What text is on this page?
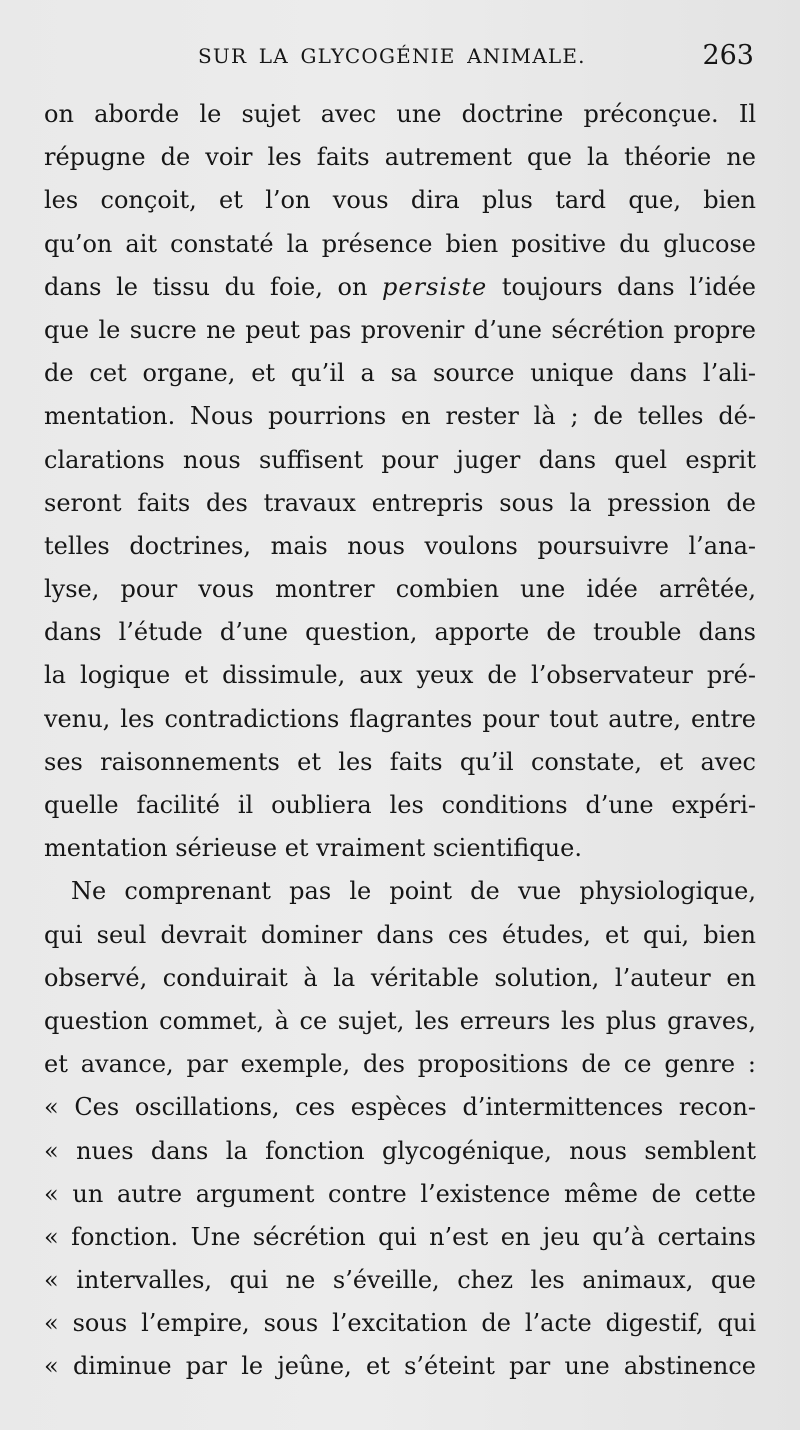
SUR LA GLYCOGÉNIE ANIMALE.	263
on aborde le sujet avec une doctrine préconçue. Il
répugne de voir les faits autrement que la théorie ne
les conçoit, et l’on vous dira plus tard que, bien
qu’on ait constaté la présence bien positive du glucose
dans le tissu du foie, on persiste toujours dans l’idée
que le sucre ne peut pas provenir d’une sécrétion propre
de cet organe, et qu’il a sa source unique dans l’ali-
mentation. Nous pourrions en rester là ; de telles dé-
clarations nous suffisent pour juger dans quel esprit
seront faits des travaux entrepris sous la pression de
telles doctrines, mais nous voulons poursuivre l’ana-
lyse, pour vous montrer combien une idée arrêtée,
dans l’étude d’une question, apporte de trouble dans
la logique et dissimule, aux yeux de l’observateur pré-
venu, les contradictions flagrantes pour tout autre, entre
ses raisonnements et les faits qu’il constate, et avec
quelle facilité il oubliera les conditions d’une expéri-
mentation sérieuse et vraiment scientifique.
Ne comprenant pas le point de vue physiologique,
qui seul devrait dominer dans ces études, et qui, bien
observé, conduirait à la véritable solution, l’auteur en
question commet, à ce sujet, les erreurs les plus graves,
et avance, par exemple, des propositions de ce genre :
« Ces oscillations, ces espèces d’intermittences recon-
« nues dans la fonction glycogénique, nous semblent
« un autre argument contre l’existence même de cette
« fonction. Une sécrétion qui n’est en jeu qu’à certains
« intervalles, qui ne s’éveille, chez les animaux, que
« sous l’empire, sous l’excitation de l’acte digestif, qui
« diminue par le jeûne, et s’éteint par une abstinence
